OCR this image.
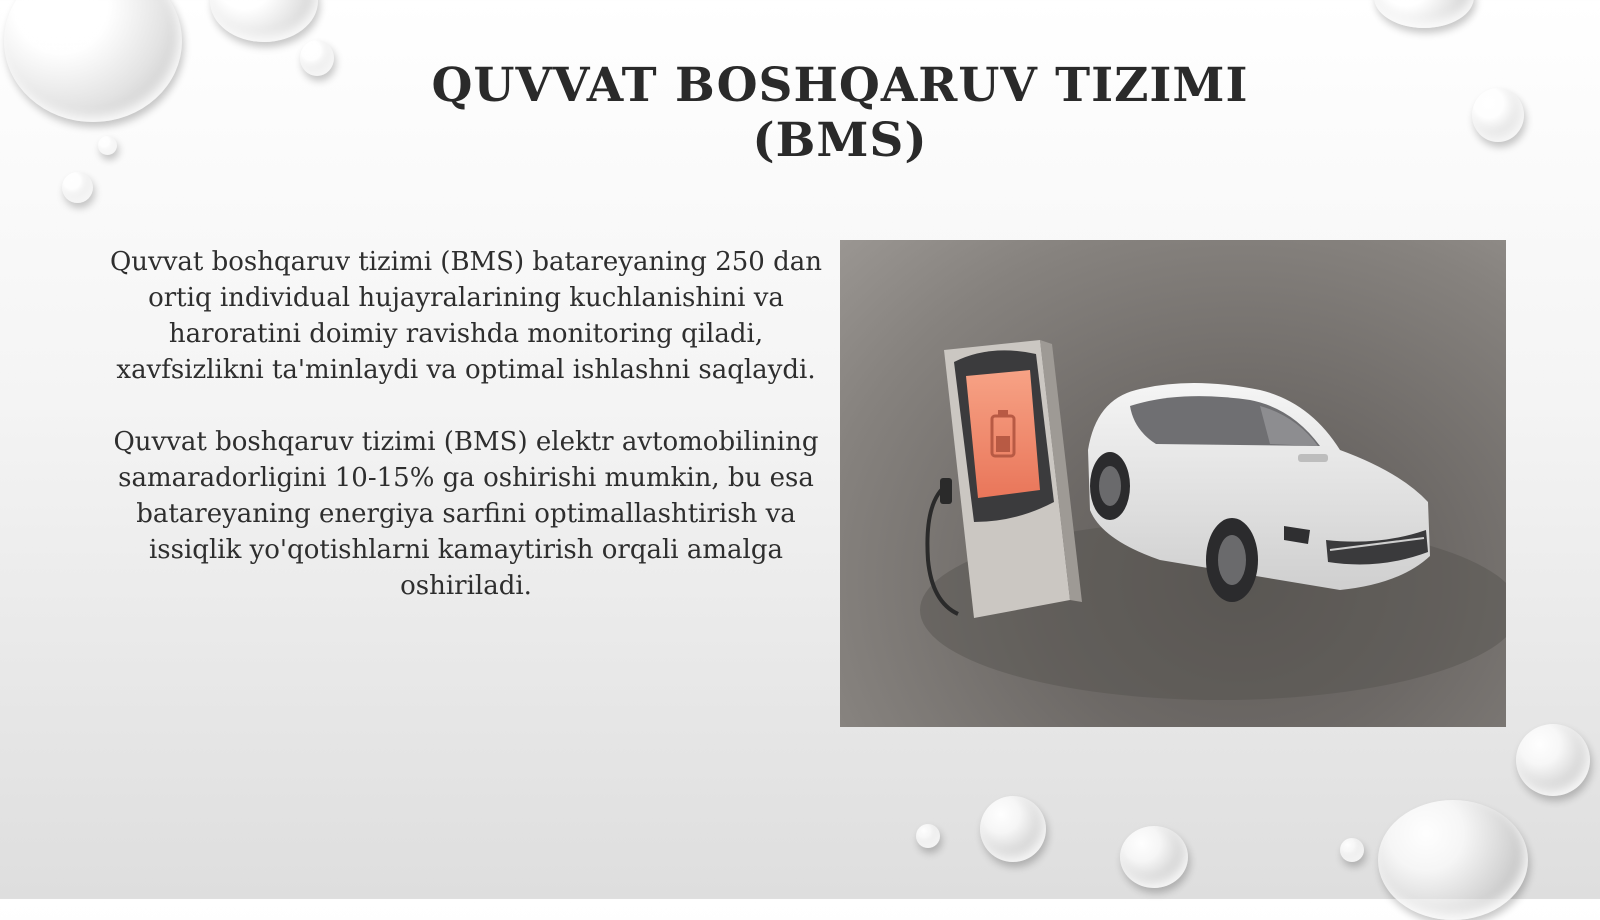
QUVVAT BOSHQARUV TIZIMI (BMS)

Quvvat boshqaruv tizimi (BMS) batareyaning 250 dan ortiq individual hujayralarining kuchlanishini va haroratini doimiy ravishda monitoring qiladi, xavfsizlikni ta'minlaydi va optimal ishlashni saqlaydi.

Quvvat boshqaruv tizimi (BMS) elektr avtomobilining samaradorligini 10-15% ga oshirishi mumkin, bu esa batareyaning energiya sarfini optimallashtirish va issiqlik yo'qotishlarni kamaytirish orqali amalga oshiriladi.
